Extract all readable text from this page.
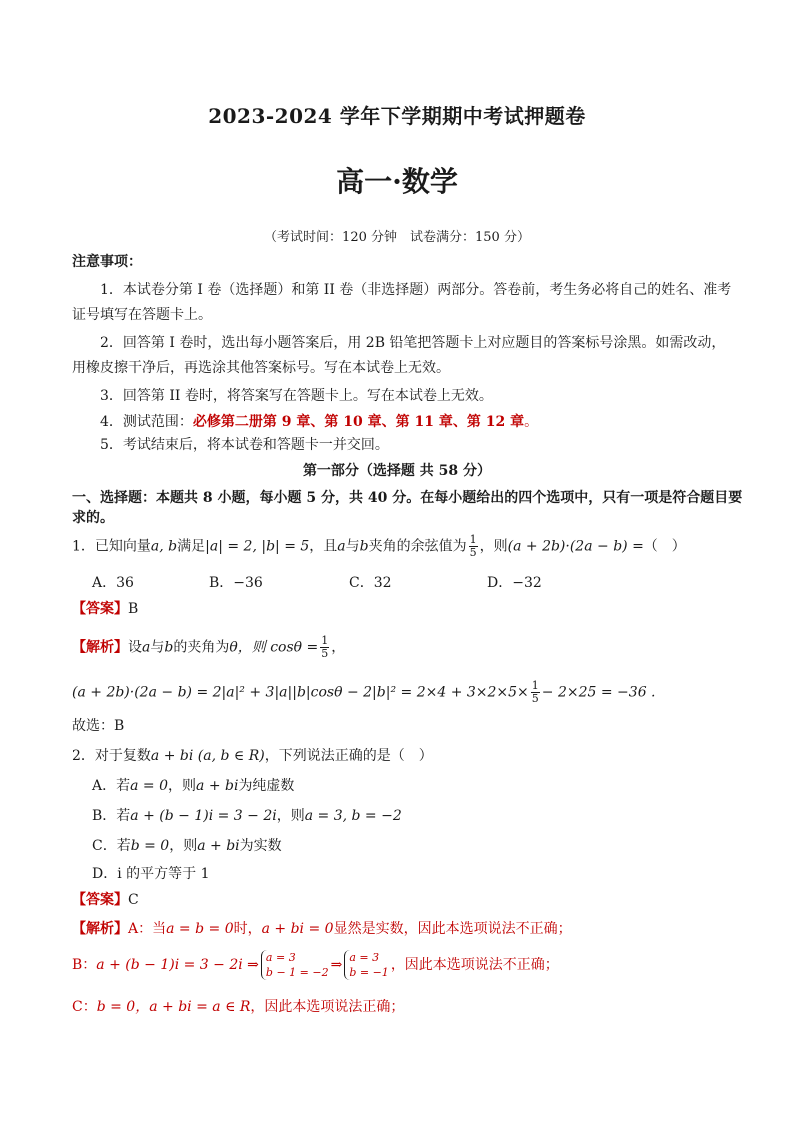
2023-2024 学年下学期期中考试押题卷
高一·数学
（考试时间：120 分钟　试卷满分：150 分）
注意事项：
1．本试卷分第 I 卷（选择题）和第 II 卷（非选择题）两部分。答卷前，考生务必将自己的姓名、准考
证号填写在答题卡上。
2．回答第 I 卷时，选出每小题答案后，用 2B 铅笔把答题卡上对应题目的答案标号涂黑。如需改动，
用橡皮擦干净后，再选涂其他答案标号。写在本试卷上无效。
3．回答第 II 卷时，将答案写在答题卡上。写在本试卷上无效。
4．测试范围：必修第二册第 9 章、第 10 章、第 11 章、第 12 章。
5．考试结束后，将本试卷和答题卡一并交回。
第一部分（选择题 共 58 分）
一、选择题：本题共 8 小题，每小题 5 分，共 40 分。在每小题给出的四个选项中，只有一项是符合题目要
求的。
1．已知向量a, b满足|a| = 2, |b| = 5，且a与b夹角的余弦值为 $\frac{1}{5}$ ，则(a + 2b)·(2a − b) =（　）
A．36	B．−36	C．32	D．−32
【答案】B
【解析】设a与b的夹角为θ，则 $\cos\theta = \frac{1}{5}$ ，
$(a + 2b)\cdot(2a - b) = 2|a|^2 + 3|a||b|\cos\theta - 2|b|^2 = 2\times 4 + 3\times 2\times 5\times \frac{1}{5} - 2\times 25 = -36$ .
故选：B
2．对于复数a + bi (a, b ∈ R)，下列说法正确的是（　）
A．若a = 0，则a + bi为纯虚数
B．若a + (b − 1)i = 3 − 2i，则a = 3, b = −2
C．若b = 0，则a + bi为实数
D．i 的平方等于 1
【答案】C
【解析】A：当a = b = 0时，a + bi = 0显然是实数，因此本选项说法不正确；
B：a + (b − 1)i = 3 − 2i ⇒ a = 3
b − 1 = −2 ⇒ a = 3
b = −1 ，因此本选项说法不正确；
C：b = 0，a + bi = a ∈ R，因此本选项说法正确；
